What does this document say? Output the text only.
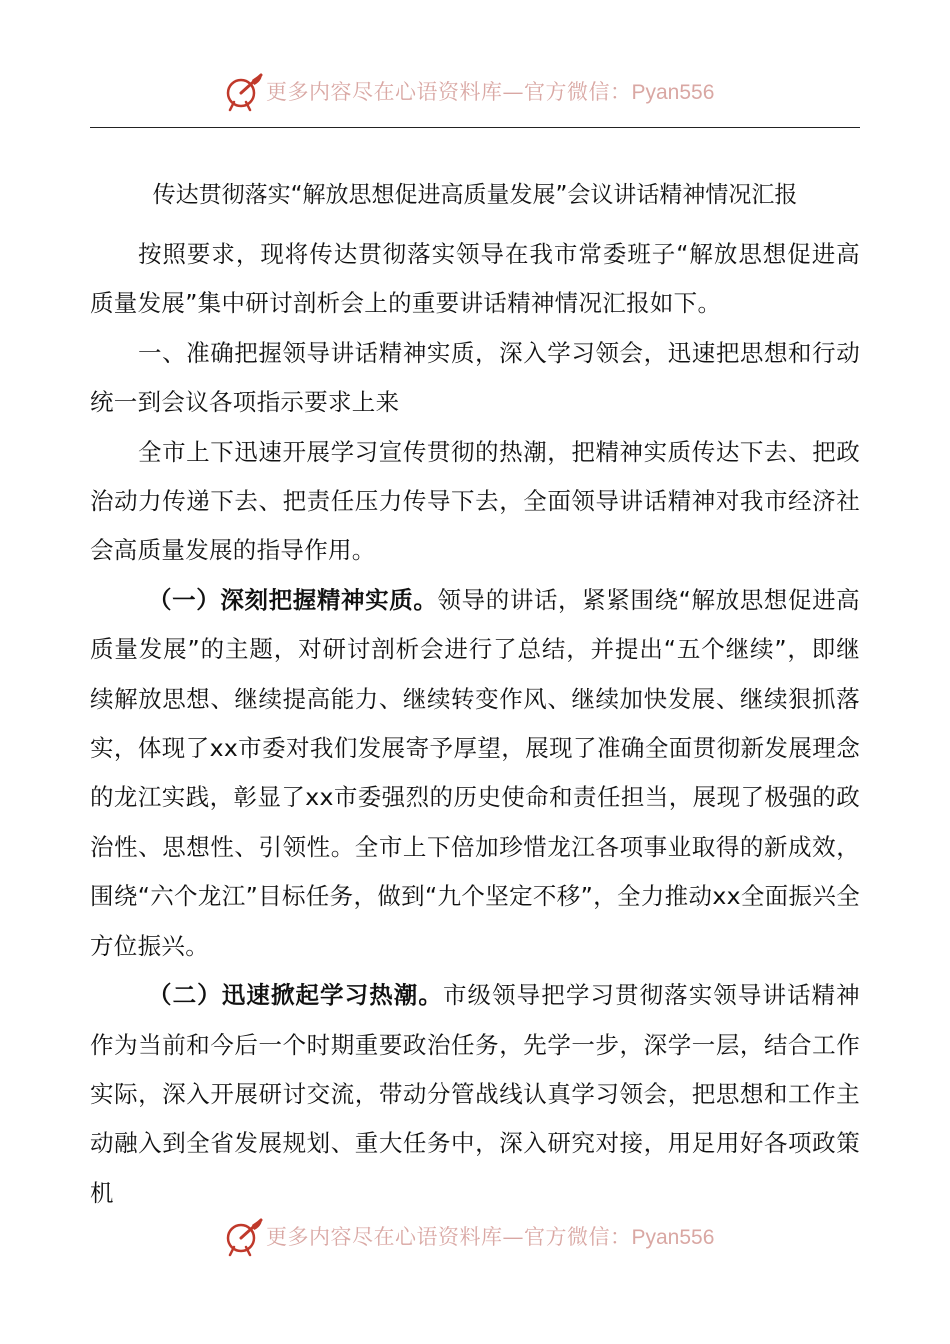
更多内容尽在心语资料库—官方微信：Pyan556
传达贯彻落实“解放思想促进高质量发展”会议讲话精神情况汇报

按照要求，现将传达贯彻落实领导在我市常委班子“解放思想促进高质量发展”集中研讨剖析会上的重要讲话精神情况汇报如下。

一、准确把握领导讲话精神实质，深入学习领会，迅速把思想和行动统一到会议各项指示要求上来

全市上下迅速开展学习宣传贯彻的热潮，把精神实质传达下去、把政治动力传递下去、把责任压力传导下去，全面领导讲话精神对我市经济社会高质量发展的指导作用。

（一）深刻把握精神实质。领导的讲话，紧紧围绕“解放思想促进高质量发展”的主题，对研讨剖析会进行了总结，并提出“五个继续”，即继续解放思想、继续提高能力、继续转变作风、继续加快发展、继续狠抓落实，体现了xx市委对我们发展寄予厚望，展现了准确全面贯彻新发展理念的龙江实践，彰显了xx市委强烈的历史使命和责任担当，展现了极强的政治性、思想性、引领性。全市上下倍加珍惜龙江各项事业取得的新成效，围绕“六个龙江”目标任务，做到“九个坚定不移”，全力推动xx全面振兴全方位振兴。

（二）迅速掀起学习热潮。市级领导把学习贯彻落实领导讲话精神作为当前和今后一个时期重要政治任务，先学一步，深学一层，结合工作实际，深入开展研讨交流，带动分管战线认真学习领会，把思想和工作主动融入到全省发展规划、重大任务中，深入研究对接，用足用好各项政策机

更多内容尽在心语资料库—官方微信：Pyan556
